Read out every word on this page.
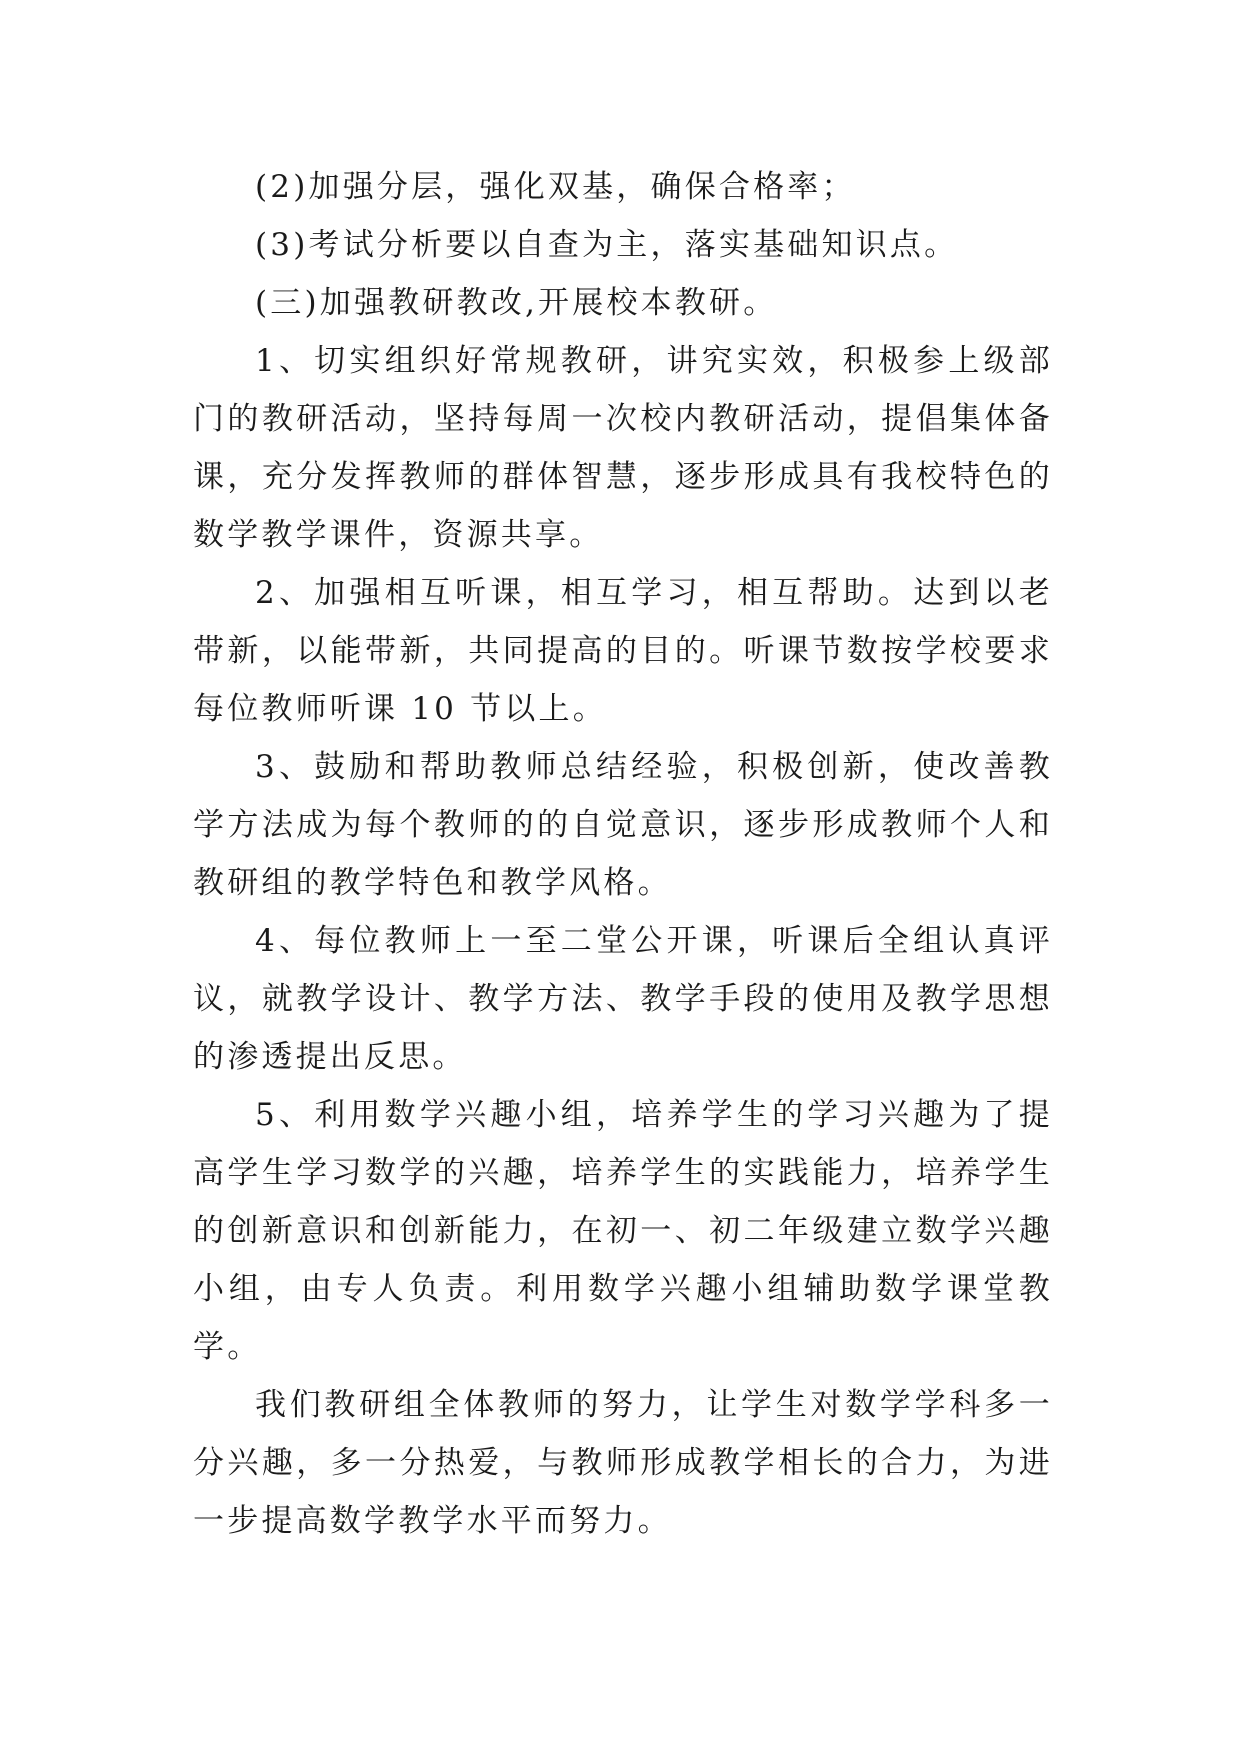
(2)加强分层，强化双基，确保合格率；

(3)考试分析要以自查为主，落实基础知识点。

(三)加强教研教改,开展校本教研。

1、切实组织好常规教研，讲究实效，积极参上级部门的教研活动，坚持每周一次校内教研活动，提倡集体备课，充分发挥教师的群体智慧，逐步形成具有我校特色的数学教学课件，资源共享。

2、加强相互听课，相互学习，相互帮助。达到以老带新，以能带新，共同提高的目的。听课节数按学校要求每位教师听课 10 节以上。

3、鼓励和帮助教师总结经验，积极创新，使改善教学方法成为每个教师的的自觉意识，逐步形成教师个人和教研组的教学特色和教学风格。

4、每位教师上一至二堂公开课，听课后全组认真评议，就教学设计、教学方法、教学手段的使用及教学思想的渗透提出反思。

5、利用数学兴趣小组，培养学生的学习兴趣为了提高学生学习数学的兴趣，培养学生的实践能力，培养学生的创新意识和创新能力，在初一、初二年级建立数学兴趣小组，由专人负责。利用数学兴趣小组辅助数学课堂教学。

我们教研组全体教师的努力，让学生对数学学科多一分兴趣，多一分热爱，与教师形成教学相长的合力，为进一步提高数学教学水平而努力。
